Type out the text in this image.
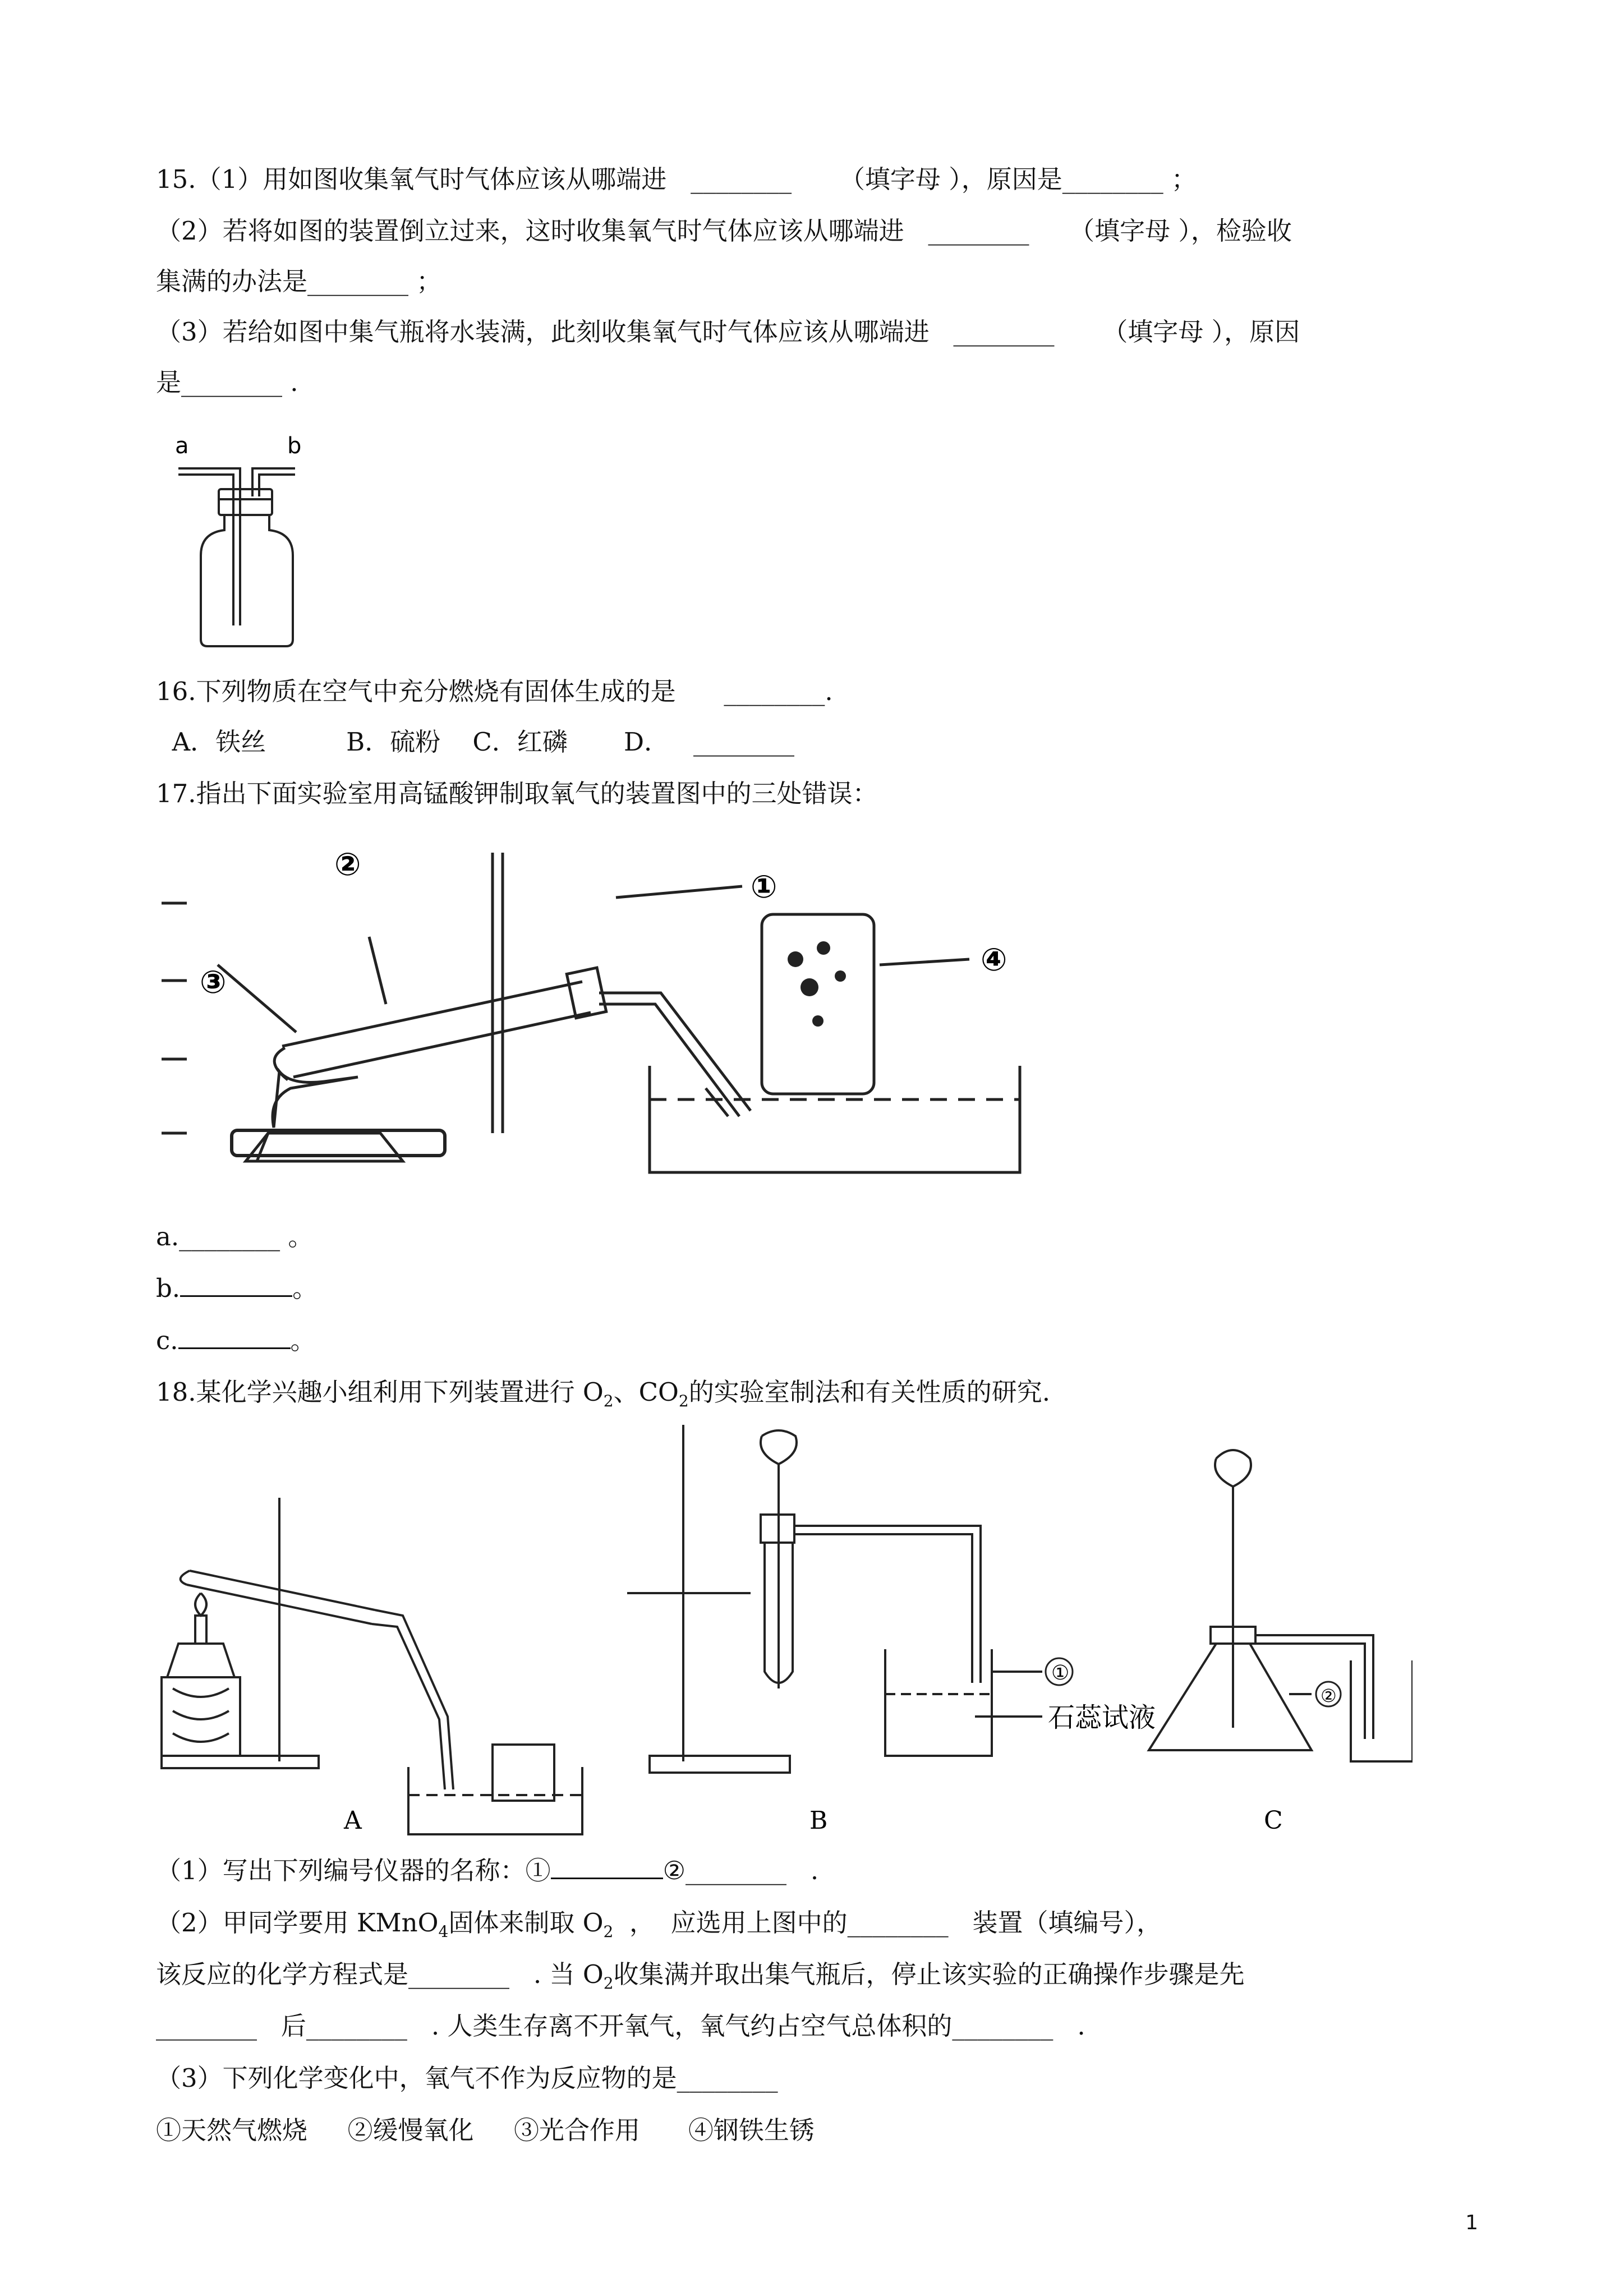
15.（1）用如图收集氧气时气体应该从哪端进   ________      （填字母 ），原因是________ ；
（2）若将如图的装置倒立过来，这时收集氧气时气体应该从哪端进   ________     （填字母 ），检验收
集满的办法是________ ；
（3）若给如图中集气瓶将水装满，此刻收集氧气时气体应该从哪端进   ________      （填字母 ），原因
是________ .
a	b
16.下列物质在空气中充分燃烧有固体生成的是      ________.
A．铁丝          B．硫粉    C．红磷       D．   ________
17.指出下面实验室用高锰酸钾制取氧气的装置图中的三处错误：
①
②
③
④
a.________ 。
b.	。
c.	。
18.某化学兴趣小组利用下列装置进行 $O_2$、$CO_2$的实验室制法和有关性质的研究.
①
②
石蕊试液
A	B	C
（1）写出下列编号仪器的名称：①	②________   .
（2）甲同学要用 KMnO$_4$固体来制取 $O_2$  ，  应选用上图中的________   装置（填编号），
该反应的化学方程式是________   . 当 $O_2$收集满并取出集气瓶后，停止该实验的正确操作步骤是先
________   后________   . 人类生存离不开氧气，氧气约占空气总体积的________   .
（3）下列化学变化中，氧气不作为反应物的是________
①天然气燃烧     ②缓慢氧化     ③光合作用      ④钢铁生锈
1
